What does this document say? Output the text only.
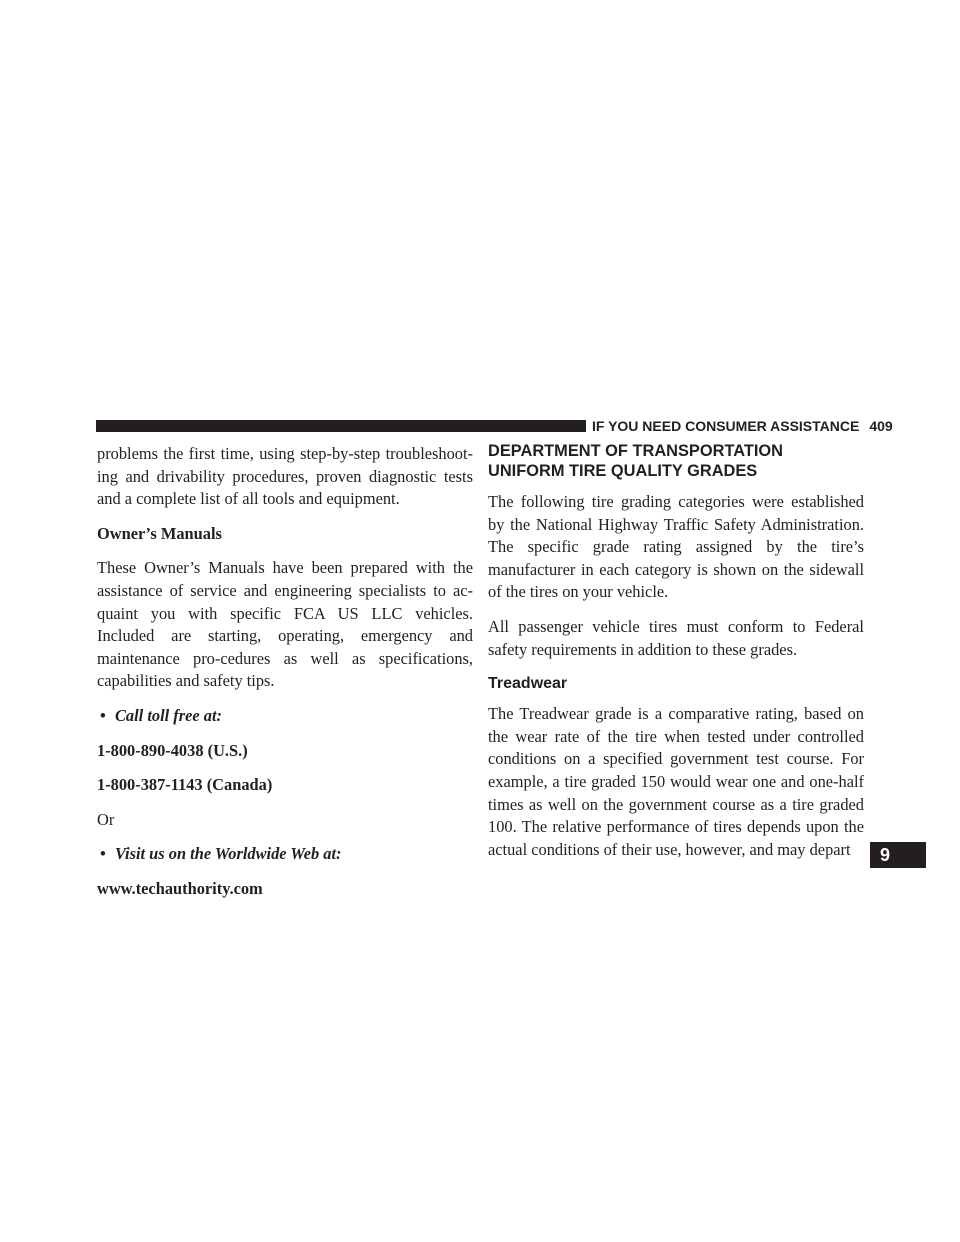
IF YOU NEED CONSUMER ASSISTANCE 409

problems the first time, using step-by-step troubleshoot-ing and drivability procedures, proven diagnostic tests and a complete list of all tools and equipment.

Owner’s Manuals

These Owner’s Manuals have been prepared with the assistance of service and engineering specialists to ac-quaint you with specific FCA US LLC vehicles. Included are starting, operating, emergency and maintenance pro-cedures as well as specifications, capabilities and safety tips.

• Call toll free at:

1-800-890-4038 (U.S.)

1-800-387-1143 (Canada)

Or

• Visit us on the Worldwide Web at:

www.techauthority.com

DEPARTMENT OF TRANSPORTATION UNIFORM TIRE QUALITY GRADES

The following tire grading categories were established by the National Highway Traffic Safety Administration. The specific grade rating assigned by the tire’s manufacturer in each category is shown on the sidewall of the tires on your vehicle.

All passenger vehicle tires must conform to Federal safety requirements in addition to these grades.

Treadwear

The Treadwear grade is a comparative rating, based on the wear rate of the tire when tested under controlled conditions on a specified government test course. For example, a tire graded 150 would wear one and one-half times as well on the government course as a tire graded 100. The relative performance of tires depends upon the actual conditions of their use, however, and may depart	9
